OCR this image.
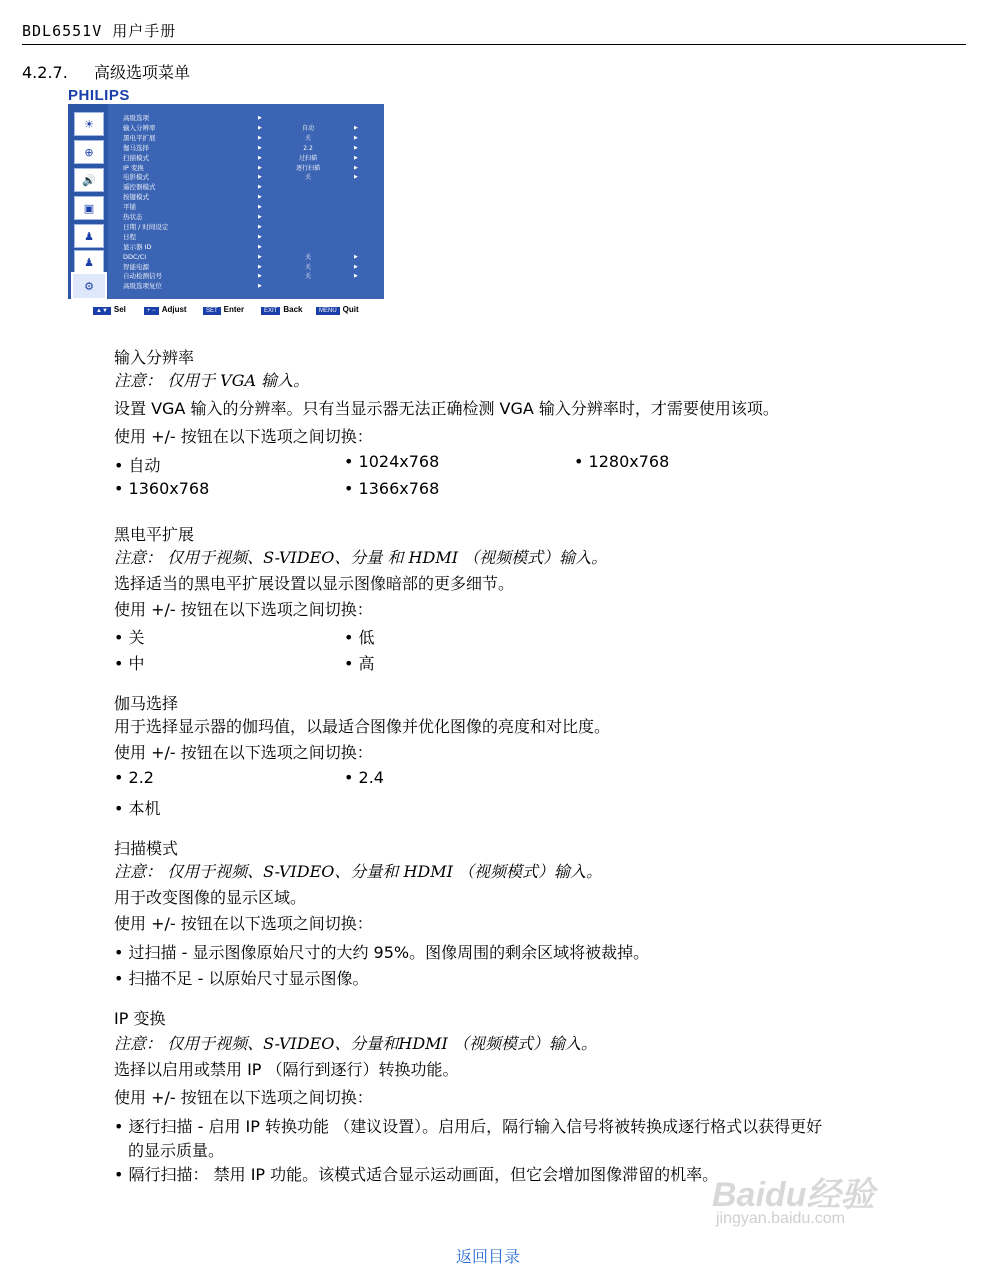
BDL6551V 用户手册
4.2.7. 高级选项菜单
PHILIPS
☀
⊕
🔊
▣
♟
♟
⚙
高级选项	▶
输入分辨率	▶	自动	▶
黑电平扩展	▶	关	▶
伽马选择	▶	2.2	▶
扫描模式	▶	过扫描	▶
IP 变换	▶	逐行扫描	▶
电影模式	▶	关	▶
遥控器模式	▶
按键模式	▶
平铺	▶
热状态	▶
日期 / 时间设定	▶
日程	▶
显示器 ID	▶
DDC/CI	▶	关	▶
智能电源	▶	关	▶
自动检测信号	▶	关	▶
高级选项复位	▶
▲▼ Sel	+ − Adjust	SET Enter	EXIT Back	MENU Quit
输入分辨率
注意： 仅用于 VGA 输入。
设置 VGA 输入的分辨率。只有当显示器无法正确检测 VGA 输入分辨率时，才需要使用该项。
使用 +/- 按钮在以下选项之间切换：
• 自动	• 1024x768	• 1280x768
• 1360x768	• 1366x768
黑电平扩展
注意： 仅用于视频、S-VIDEO、分量 和 HDMI （视频模式）输入。
选择适当的黑电平扩展设置以显示图像暗部的更多细节。
使用 +/- 按钮在以下选项之间切换：
• 关	• 低
• 中	• 高
伽马选择
用于选择显示器的伽玛值，以最适合图像并优化图像的亮度和对比度。
使用 +/- 按钮在以下选项之间切换：
• 2.2	• 2.4
• 本机
扫描模式
注意： 仅用于视频、S-VIDEO、分量和 HDMI （视频模式）输入。
用于改变图像的显示区域。
使用 +/- 按钮在以下选项之间切换：
• 过扫描 - 显示图像原始尺寸的大约 95%。图像周围的剩余区域将被裁掉。
• 扫描不足 - 以原始尺寸显示图像。
IP 变换
注意： 仅用于视频、S-VIDEO、分量和HDMI （视频模式）输入。
选择以启用或禁用 IP （隔行到逐行）转换功能。
使用 +/- 按钮在以下选项之间切换：
• 逐行扫描 - 启用 IP 转换功能 （建议设置）。启用后，隔行输入信号将被转换成逐行格式以获得更好
的显示质量。
• 隔行扫描： 禁用 IP 功能。该模式适合显示运动画面，但它会增加图像滞留的机率。
Baidu经验
jingyan.baidu.com
返回目录
